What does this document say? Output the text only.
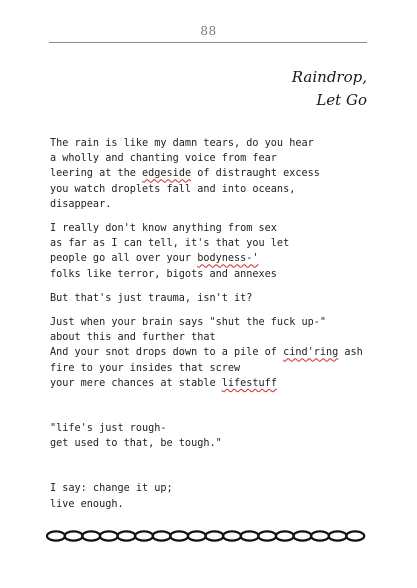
88
Raindrop,
Let Go
The rain is like my damn tears, do you hear
a wholly and chanting voice from fear
leering at the edgeside of distraught excess
you watch droplets fall and into oceans,
disappear.
I really don't know anything from sex
as far as I can tell, it's that you let
people go all over your bodyness-'
folks like terror, bigots and annexes
But that's just trauma, isn't it?
Just when your brain says "shut the fuck up-"
about this and further that
And your snot drops down to a pile of cind'ring ash
fire to your insides that screw
your mere chances at stable lifestuff
"life's just rough-
get used to that, be tough."
I say: change it up;
live enough.
